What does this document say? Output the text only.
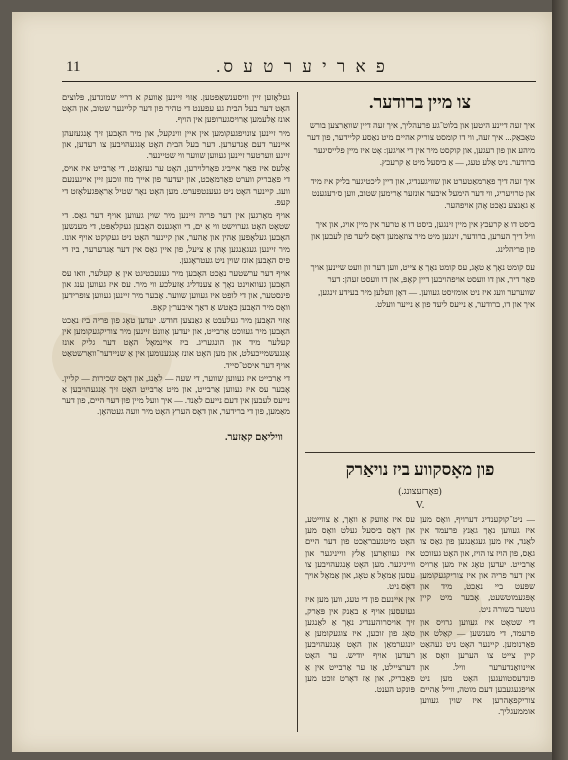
11	פ א ר י ע ר ט ע ס.

געלאָזען זיין וויסענשאַפטען. אַזוי זיינען אַוועק א דריי שמונדען, פּלוצים האָט דער בעל הבית גע עפענט די טהיר פון דער קליינער שטוב, און האָט אונז אַלעמען אַרויסגערופען אין הויף.

מיר זיינען צונויפגעקומען אין איין ווינקעל, און מיר האָבען זיך אָנגעזעהן איינער דעם אַנדערען. דער בעל הבית האָט אָנגעהויבען צו רעדען, און זיינע ווערטער זיינען געווען שווער ווי שטיינער.

אַלעס איז פאַר אייביג פאַרלוירען, האָט ער געזאָגט, די אַרבייט איז אויס, די פאַבריק ווערט פאַרמאַכט, און יעדער פון אייך מוז זוכען זיין אייגענעם וועג. קיינער האָט ניט געענטפערט. מען האָט נאָר שטיל אַראָפּגעלאָזט די קעפּ.

אויף מאָרגען אין דער פריה זיינען מיר שוין געווען אויף דער גאַס. די שטאָט האָט גערוישט ווי אַ ים, די וואָגענס האָבען געקלאַפּט, די מענשען האָבען געלאָפען אַהין און אַהער, און קיינער האָט ניט געקוקט אויף אונז. מיר זיינען געגאַנגען אָהן אַ ציעל, פון איין גאַס אין דער אַנדערער, ביז די פיס האָבען אונז שוין ניט געטראָגען.

אויף דער ערשטער נאַכט האָבען מיר גענעכטיגט אין אַ קעלער, וואו עס האָבען געוואוינט נאָך אַ צענדליג אַזעלכע ווי מיר. עס איז געווען ענג און פינסטער, און די לופט איז געווען שווער. אָבער מיר זיינען געווען צופרידען וואָס מיר האָבען כאָטש אַ דאַך איבער׳ן קאָפּ.

אַזוי האָבען מיר געלעבט אַ גאַנצען חודש. יעדען טאָג פון פריה ביז נאַכט האָבען מיר געזוכט אַרבייט, און יעדען אָוונט זיינען מיר צוריקגעקומען אין קעלער מיד און הונגעריג. ביז איינמאָל האָט דער גליק אונז אָנגעשמייכעלט, און מען האָט אונז אָנגענומען אין אַ שניידער־וואַרשטאַט אויף דער איסט־סייד.

די אַרבייט איז געווען שווער, די שעה — לאַנג, און דאָס שכירות — קליין. אָבער עס איז געווען אַרבייט, און מיט אַרבייט האָט זיך אָנגעהויבען אַ נייעס לעבען אין דעם נייעם לאַנד. — איך וועל מיין פון דער היים, פון דער מאַמען, פון די ברידער, און דאָס הערץ האָט מיר וועה געטהאָן.

צו מיין ברודער.
איך זעה דיינע היטען און בלוט־גע פרעהליך, איך זעה דיין שוואַרצען בורש טאַבאַק... איך זעה, ווי דו קומסט צוריק אהיים מיט נאַסע קליידער, פון דער מיהע און פון רעגען, און קוקסט מיר אין די אויגען: אָט איז מיין פלייסיגער ברודער. ניט אַלע טעג, — אַ ביסעל מיט אַ קרעכץ.
איך זעה דיך פאַרמאַטערט און שוויגענדיג, און דיין ליכטיגער בליק איז מיד און טרויעריג, ווי דער הימעל איבער אונזער אַרימען שטוב, ווען ס׳רעגענט אַ גאַנצע נאַכט אָהן אויפהער.
ביסט דו אַ קרעכץ אין מיין זינגען, ביסט דו אַ טרער אין מיין אויג, און איך וויל דיך הערען, ברודער, זינגען מיט מיר צוזאַמען דאָס ליעד פון לעבען און פון פריהלינג.
עס קומט נאָך אַ טאָג, עס קומט נאָך אַ צייט, ווען דער זון וועט שיינען אויך פאַר דיר, און דו וועסט אויפהויבען דיין קאָפּ, און דו וועסט זעהן: דער שווערער וועג איז ניט אומזיסט געווען. — דאָן וועלען מיר בעידע זינגען, איך און דו, ברודער, אַ נייעס ליעד פון אַ נייער וועלט.
וויליאַם קאַזער.
פון מאָסקווע ביז נויאַרק
(פאָרזעצונג.)
V.

— ניט־קוקענדיג דערויף, וואָס מען איז געווען נאָך גאַנץ פרעמד אין לאַנד, איז מען געגאַנגען פון גאַס צו גאַס, פון הויז צו הויז, און האָט געזוכט אַרבייט. יעדען טאָג איז מען אַרויס אין דער פריה און איז צוריקגעקומען שפּעט ביי נאַכט, מיד און אָפּגעמוטשעט, אָבער מיט קיין גוטער בשורה ניט.

די שטאָט איז געווען גרויס און פרעמד, די מענשען — קאַלט און פאַרנומען. קיינער האָט ניט געהאַט קיין צייט צו הערען וואָס אַן איינוואַנדערער וויל. און פונדעסטוועגען האָט מען ניט אויפגעגעבען דעם מוטה, ווייל אַהיים צוריקפאָהרען איז שוין געווען אוממעגליך.

עס איז אַוועק אַ וואָך, אַ צווייטע, און דאָס ביסעל געלט וואָס מען האָט מיטגעבראַכט פון דער היים איז געוואָרען אַלץ ווייניגער און ווייניגער. מען האָט אָנגעהויבען צו עסען אַמאָל אַ טאָג, און אַמאָל אויך דאָס ניט.

אין איינעם פון די טעג, ווען מען איז געזעסען אויף אַ באַנק אין פּאַרק, זיך אויסרוהענדיג נאָך אַ לאַנגען טאָג פון זוכען, איז צוגעקומען אַ יונגערמאַן און האָט אָנגעהויבען רעדען אויף יודיש. ער האָט דערציילט, אַז ער אַרבייט אין אַ פאַבריק, און אַז דאָרט זוכט מען פּונקט הענט.
